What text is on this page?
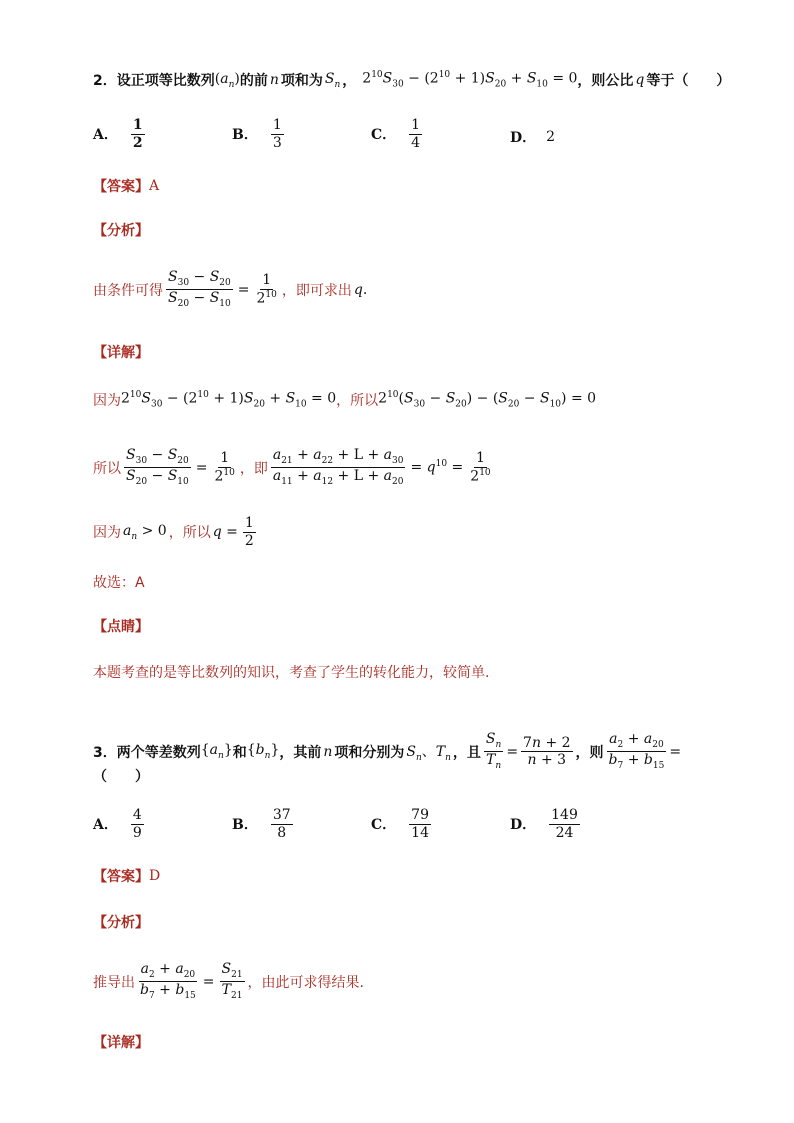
2． 设正项等比数列 $(a_n)$ 的前 n 项和为 $S_n$ ， $2^{10}S_{30} - (2^{10} + 1)S_{20} + S_{10} = 0$ ，则公比 q 等于（　　）
A． $\frac{1}{2}$	B． $\frac{1}{3}$	C． $\frac{1}{4}$	D． 2
【答案】 A
【分析】
由条件可得 $\frac{S_{30} - S_{20}}{S_{20} - S_{10}} = \frac{1}{2^{10}}$ ，即可求出 q .
【详解】
因为 $2^{10}S_{30} - (2^{10} + 1)S_{20} + S_{10} = 0$ ，所以 $2^{10}(S_{30} - S_{20}) - (S_{20} - S_{10}) = 0$
所以 $\frac{S_{30} - S_{20}}{S_{20} - S_{10}} = \frac{1}{2^{10}}$ ，即 $\frac{a_{21} + a_{22} + L + a_{30}}{a_{11} + a_{12} + L + a_{20}} = q^{10} = \frac{1}{2^{10}}$
因为 $a_n > 0$ ，所以 $q = \frac{1}{2}$
故选：A
【点睛】
本题考查的是等比数列的知识，考查了学生的转化能力，较简单.
3． 两个等差数列 $\{a_n\}$ 和 $\{b_n\}$ ，其前 n 项和分别为 $S_n$、$T_n$ ，且 $\frac{S_n}{T_n} = \frac{7n + 2}{n + 3}$ ，则 $\frac{a_2 + a_{20}}{b_7 + b_{15}}$ =
（　　）
A． $\frac{4}{9}$	B． $\frac{37}{8}$	C． $\frac{79}{14}$	D． $\frac{149}{24}$
【答案】 D
【分析】
推导出 $\frac{a_2 + a_{20}}{b_7 + b_{15}} = \frac{S_{21}}{T_{21}}$ ，由此可求得结果.
【详解】
